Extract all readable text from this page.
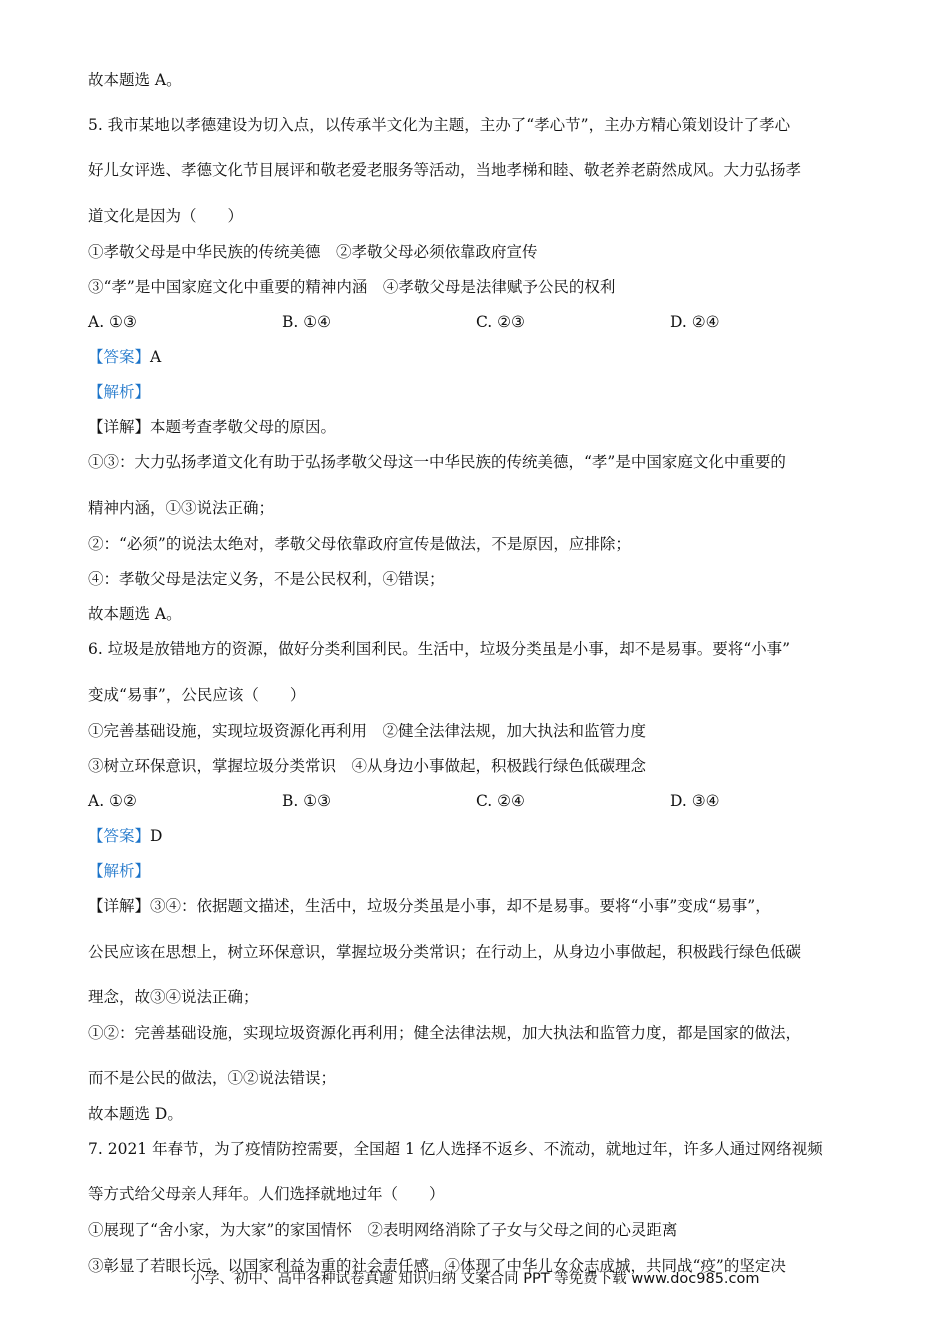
故本题选 A。
5. 我市某地以孝德建设为切入点，以传承半文化为主题，主办了“孝心节”，主办方精心策划设计了孝心
好儿女评选、孝德文化节目展评和敬老爱老服务等活动，当地孝梯和睦、敬老养老蔚然成风。大力弘扬孝
道文化是因为（　　）
①孝敬父母是中华民族的传统美德　②孝敬父母必须依靠政府宣传
③“孝”是中国家庭文化中重要的精神内涵　④孝敬父母是法律赋予公民的权利
A. ①③	B. ①④	C. ②③	D. ②④
【答案】A
【解析】
【详解】本题考查孝敬父母的原因。
①③：大力弘扬孝道文化有助于弘扬孝敬父母这一中华民族的传统美德，“孝”是中国家庭文化中重要的
精神内涵，①③说法正确；
②：“必须”的说法太绝对，孝敬父母依靠政府宣传是做法，不是原因，应排除；
④：孝敬父母是法定义务，不是公民权利，④错误；
故本题选 A。
6. 垃圾是放错地方的资源，做好分类利国利民。生活中，垃圾分类虽是小事，却不是易事。要将“小事”
变成“易事”，公民应该（　　）
①完善基础设施，实现垃圾资源化再利用　②健全法律法规，加大执法和监管力度
③树立环保意识，掌握垃圾分类常识　④从身边小事做起，积极践行绿色低碳理念
A. ①②	B. ①③	C. ②④	D. ③④
【答案】D
【解析】
【详解】③④：依据题文描述，生活中，垃圾分类虽是小事，却不是易事。要将“小事”变成“易事”，
公民应该在思想上，树立环保意识，掌握垃圾分类常识；在行动上，从身边小事做起，积极践行绿色低碳
理念，故③④说法正确；
①②：完善基础设施，实现垃圾资源化再利用；健全法律法规，加大执法和监管力度，都是国家的做法，
而不是公民的做法，①②说法错误；
故本题选 D。
7. 2021 年春节，为了疫情防控需要，全国超 1 亿人选择不返乡、不流动，就地过年，许多人通过网络视频
等方式给父母亲人拜年。人们选择就地过年（　　）
①展现了“舍小家，为大家”的家国情怀　②表明网络消除了子女与父母之间的心灵距离
③彰显了若眼长远，以国家利益为重的社会责任感　④体现了中华儿女众志成城，共同战“疫”的坚定决
小学、初中、高中各种试卷真题 知识归纳 文案合同 PPT 等免费下载 www.doc985.com
